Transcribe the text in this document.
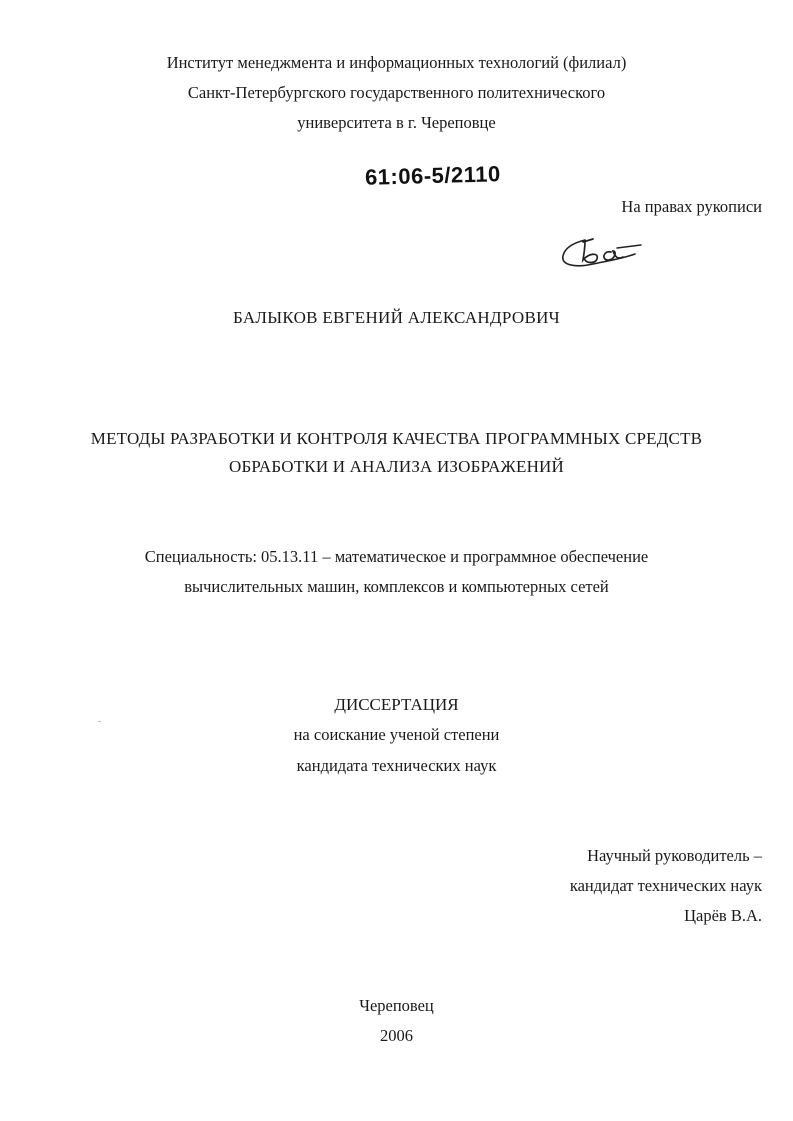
Институт менеджмента и информационных технологий (филиал)
Санкт-Петербургского государственного политехнического
университета в г. Череповце
61:06-5/2110
На правах рукописи
БАЛЫКОВ ЕВГЕНИЙ АЛЕКСАНДРОВИЧ
МЕТОДЫ РАЗРАБОТКИ И КОНТРОЛЯ КАЧЕСТВА ПРОГРАММНЫХ СРЕДСТВ
ОБРАБОТКИ И АНАЛИЗА ИЗОБРАЖЕНИЙ
Специальность: 05.13.11 – математическое и программное обеспечение
вычислительных машин, комплексов и компьютерных сетей
ДИССЕРТАЦИЯ
на соискание ученой степени
кандидата технических наук
Научный руководитель –
кандидат технических наук
Царёв В.А.
Череповец
2006
